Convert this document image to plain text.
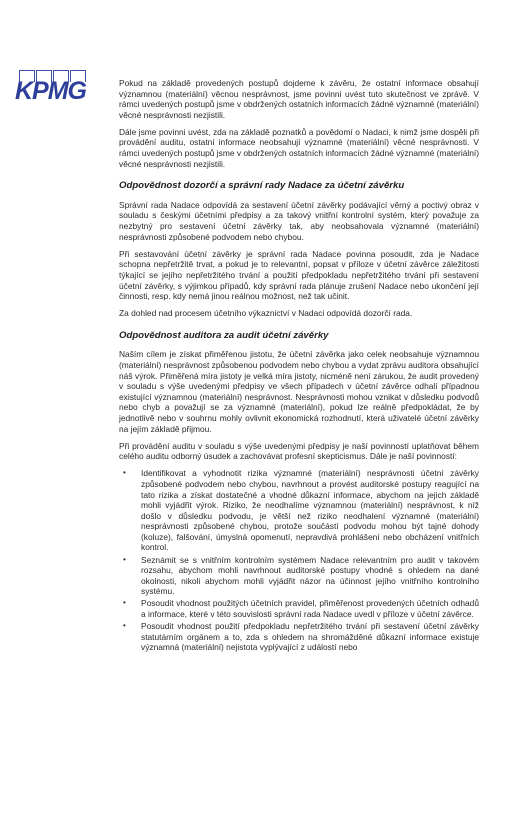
KPMG	Pokud na základě provedených postupů dojdeme k závěru, že ostatní informace obsahují významnou (materiální) věcnou nesprávnost, jsme povinni uvést tuto skutečnost ve zprávě. V rámci uvedených postupů jsme v obdržených ostatních informacích žádné významné (materiální) věcné nesprávnosti nezjistili.
Dále jsme povinni uvést, zda na základě poznatků a povědomí o Nadaci, k nimž jsme dospěli při provádění auditu, ostatní informace neobsahují významné (materiální) věcné nesprávnosti. V rámci uvedených postupů jsme v obdržených ostatních informacích žádné významné (materiální) věcné nesprávnosti nezjistili.
Odpovědnost dozorčí a správní rady Nadace za účetní závěrku
Správní rada Nadace odpovídá za sestavení účetní závěrky podávající věrný a poctivý obraz v souladu s českými účetními předpisy a za takový vnitřní kontrolní systém, který považuje za nezbytný pro sestavení účetní závěrky tak, aby neobsahovala významné (materiální) nesprávnosti způsobené podvodem nebo chybou.
Při sestavování účetní závěrky je správní rada Nadace povinna posoudit, zda je Nadace schopna nepřetržitě trvat, a pokud je to relevantní, popsat v příloze v účetní závěrce záležitosti týkající se jejího nepřetržitého trvání a použití předpokladu nepřetržitého trvání při sestavení účetní závěrky, s výjimkou případů, kdy správní rada plánuje zrušení Nadace nebo ukončení její činnosti, resp. kdy nemá jinou reálnou možnost, než tak učinit.
Za dohled nad procesem účetního výkaznictví v Nadaci odpovídá dozorčí rada.
Odpovědnost auditora za audit účetní závěrky
Naším cílem je získat přiměřenou jistotu, že účetní závěrka jako celek neobsahuje významnou (materiální) nesprávnost způsobenou podvodem nebo chybou a vydat zprávu auditora obsahující náš výrok. Přiměřená míra jistoty je velká míra jistoty, nicméně není zárukou, že audit provedený v souladu s výše uvedenými předpisy ve všech případech v účetní závěrce odhalí případnou existující významnou (materiální) nesprávnost. Nesprávnosti mohou vznikat v důsledku podvodů nebo chyb a považují se za významné (materiální), pokud lze reálně předpokládat, že by jednotlivě nebo v souhrnu mohly ovlivnit ekonomická rozhodnutí, která uživatelé účetní závěrky na jejím základě přijmou.
Při provádění auditu v souladu s výše uvedenými předpisy je naší povinností uplatňovat během celého auditu odborný úsudek a zachovávat profesní skepticismus. Dále je naší povinností:
• Identifikovat a vyhodnotit rizika významné (materiální) nesprávnosti účetní závěrky způsobené podvodem nebo chybou, navrhnout a provést auditorské postupy reagující na tato rizika a získat dostatečné a vhodné důkazní informace, abychom na jejich základě mohli vyjádřit výrok. Riziko, že neodhalíme významnou (materiální) nesprávnost, k níž došlo v důsledku podvodu, je větší než riziko neodhalení významné (materiální) nesprávnosti způsobené chybou, protože součástí podvodu mohou být tajné dohody (koluze), falšování, úmyslná opomenutí, nepravdivá prohlášení nebo obcházení vnitřních kontrol.
• Seznámit se s vnitřním kontrolním systémem Nadace relevantním pro audit v takovém rozsahu, abychom mohli navrhnout auditorské postupy vhodné s ohledem na dané okolnosti, nikoli abychom mohli vyjádřit názor na účinnost jejího vnitřního kontrolního systému.
• Posoudit vhodnost použitých účetních pravidel, přiměřenost provedených účetních odhadů a informace, které v této souvislosti správní rada Nadace uvedl v příloze v účetní závěrce.
• Posoudit vhodnost použití předpokladu nepřetržitého trvání při sestavení účetní závěrky statutárním orgánem a to, zda s ohledem na shromážděné důkazní informace existuje významná (materiální) nejistota vyplývající z událostí nebo
